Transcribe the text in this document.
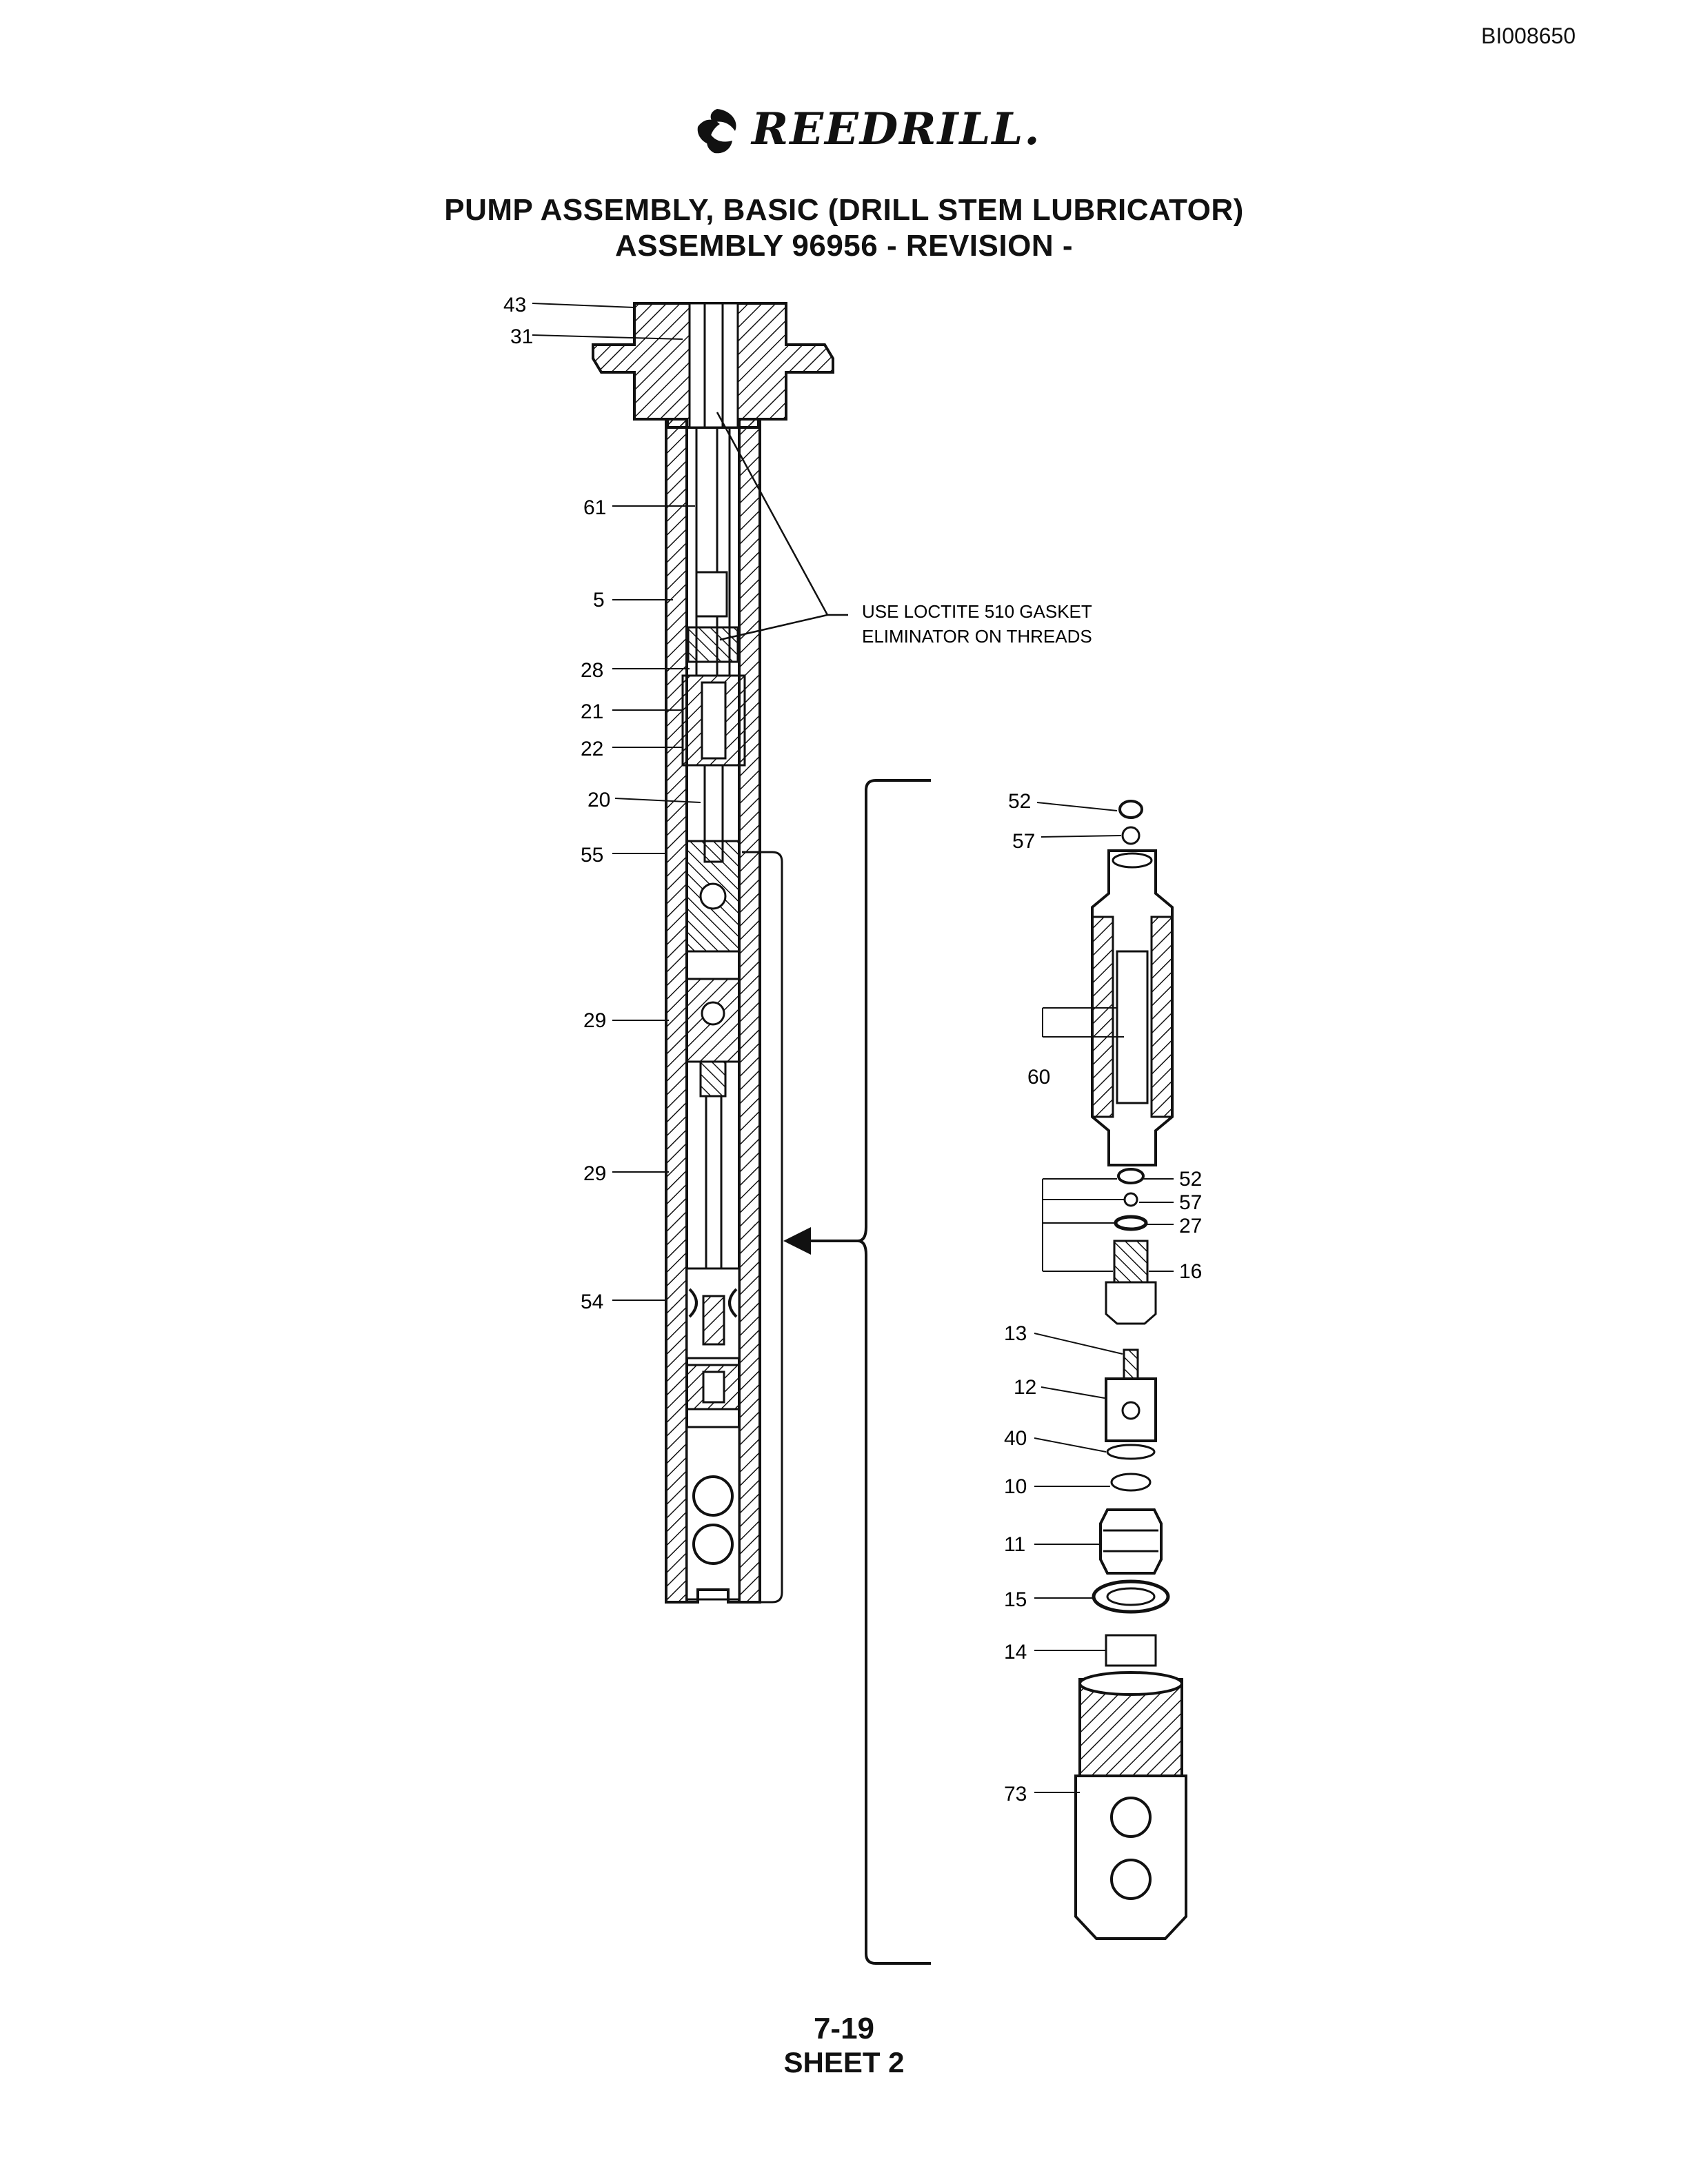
BI008650
REEDRILL.
PUMP ASSEMBLY, BASIC (DRILL STEM LUBRICATOR)
ASSEMBLY 96956 - REVISION -
USE LOCTITE 510 GASKET
ELIMINATOR ON THREADS
43
31
61
5
28
21
22
20
55
29
29
54
52
57
60
52
57
27
16
13
12
40
10
11
15
14
73
7-19
SHEET 2
